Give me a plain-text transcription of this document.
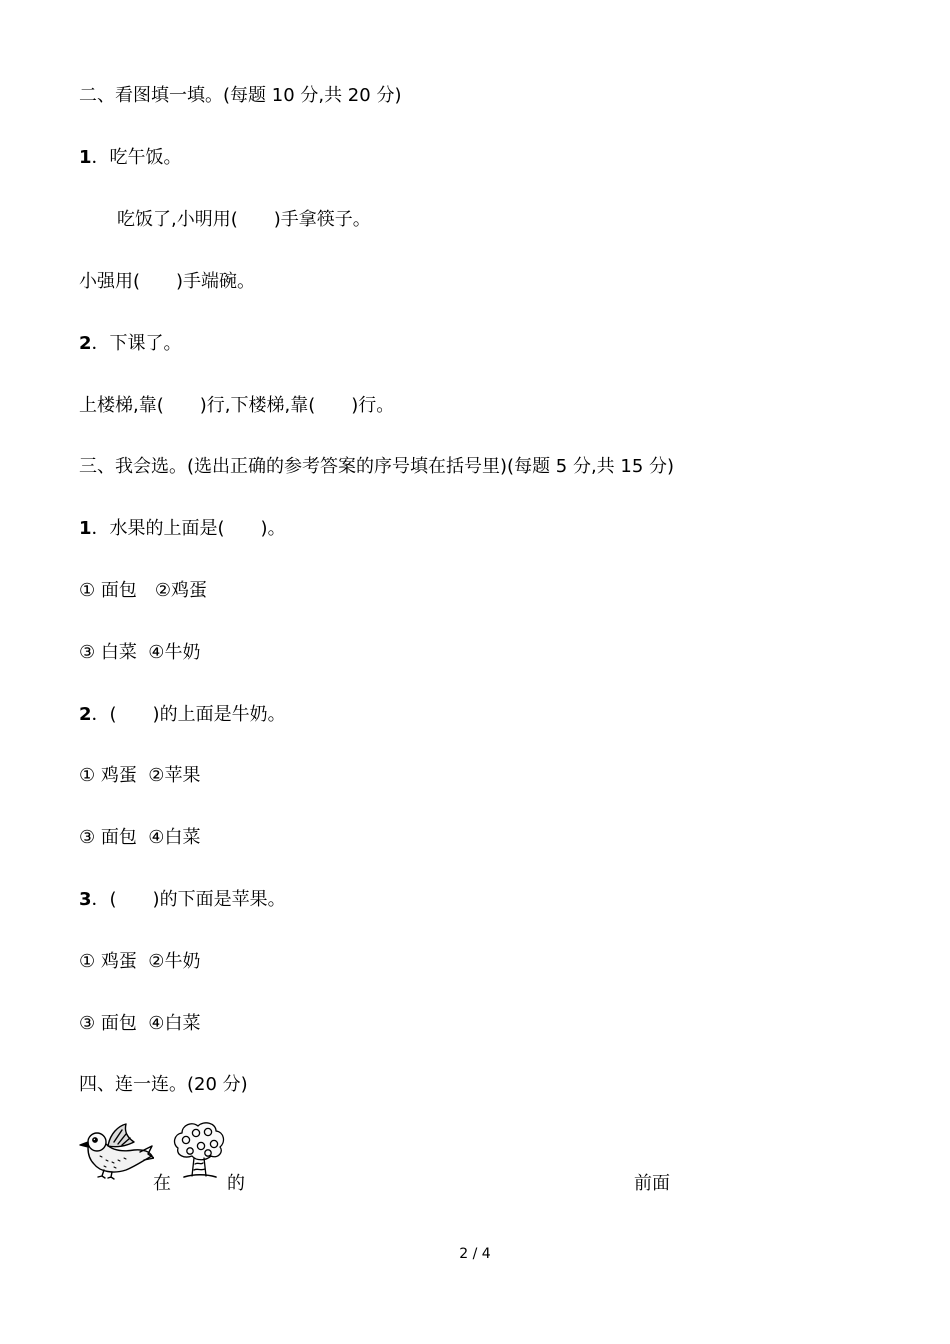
二、看图填一填。(每题 10 分,共 20 分)
1．吃午饭。
吃饭了,小明用(　　)手拿筷子。
小强用(　　)手端碗。
2．下课了。
上楼梯,靠(　　)行,下楼梯,靠(　　)行。
三、我会选。(选出正确的参考答案的序号填在括号里)(每题 5 分,共 15 分)
1．水果的上面是(　　)。
① 面包　②鸡蛋
③ 白菜  ④牛奶
2．(　　)的上面是牛奶。
① 鸡蛋  ②苹果
③ 面包  ④白菜
3．(　　)的下面是苹果。
① 鸡蛋  ②牛奶
③ 面包  ④白菜
四、连一连。(20 分)
在	的	前面
2 / 4
